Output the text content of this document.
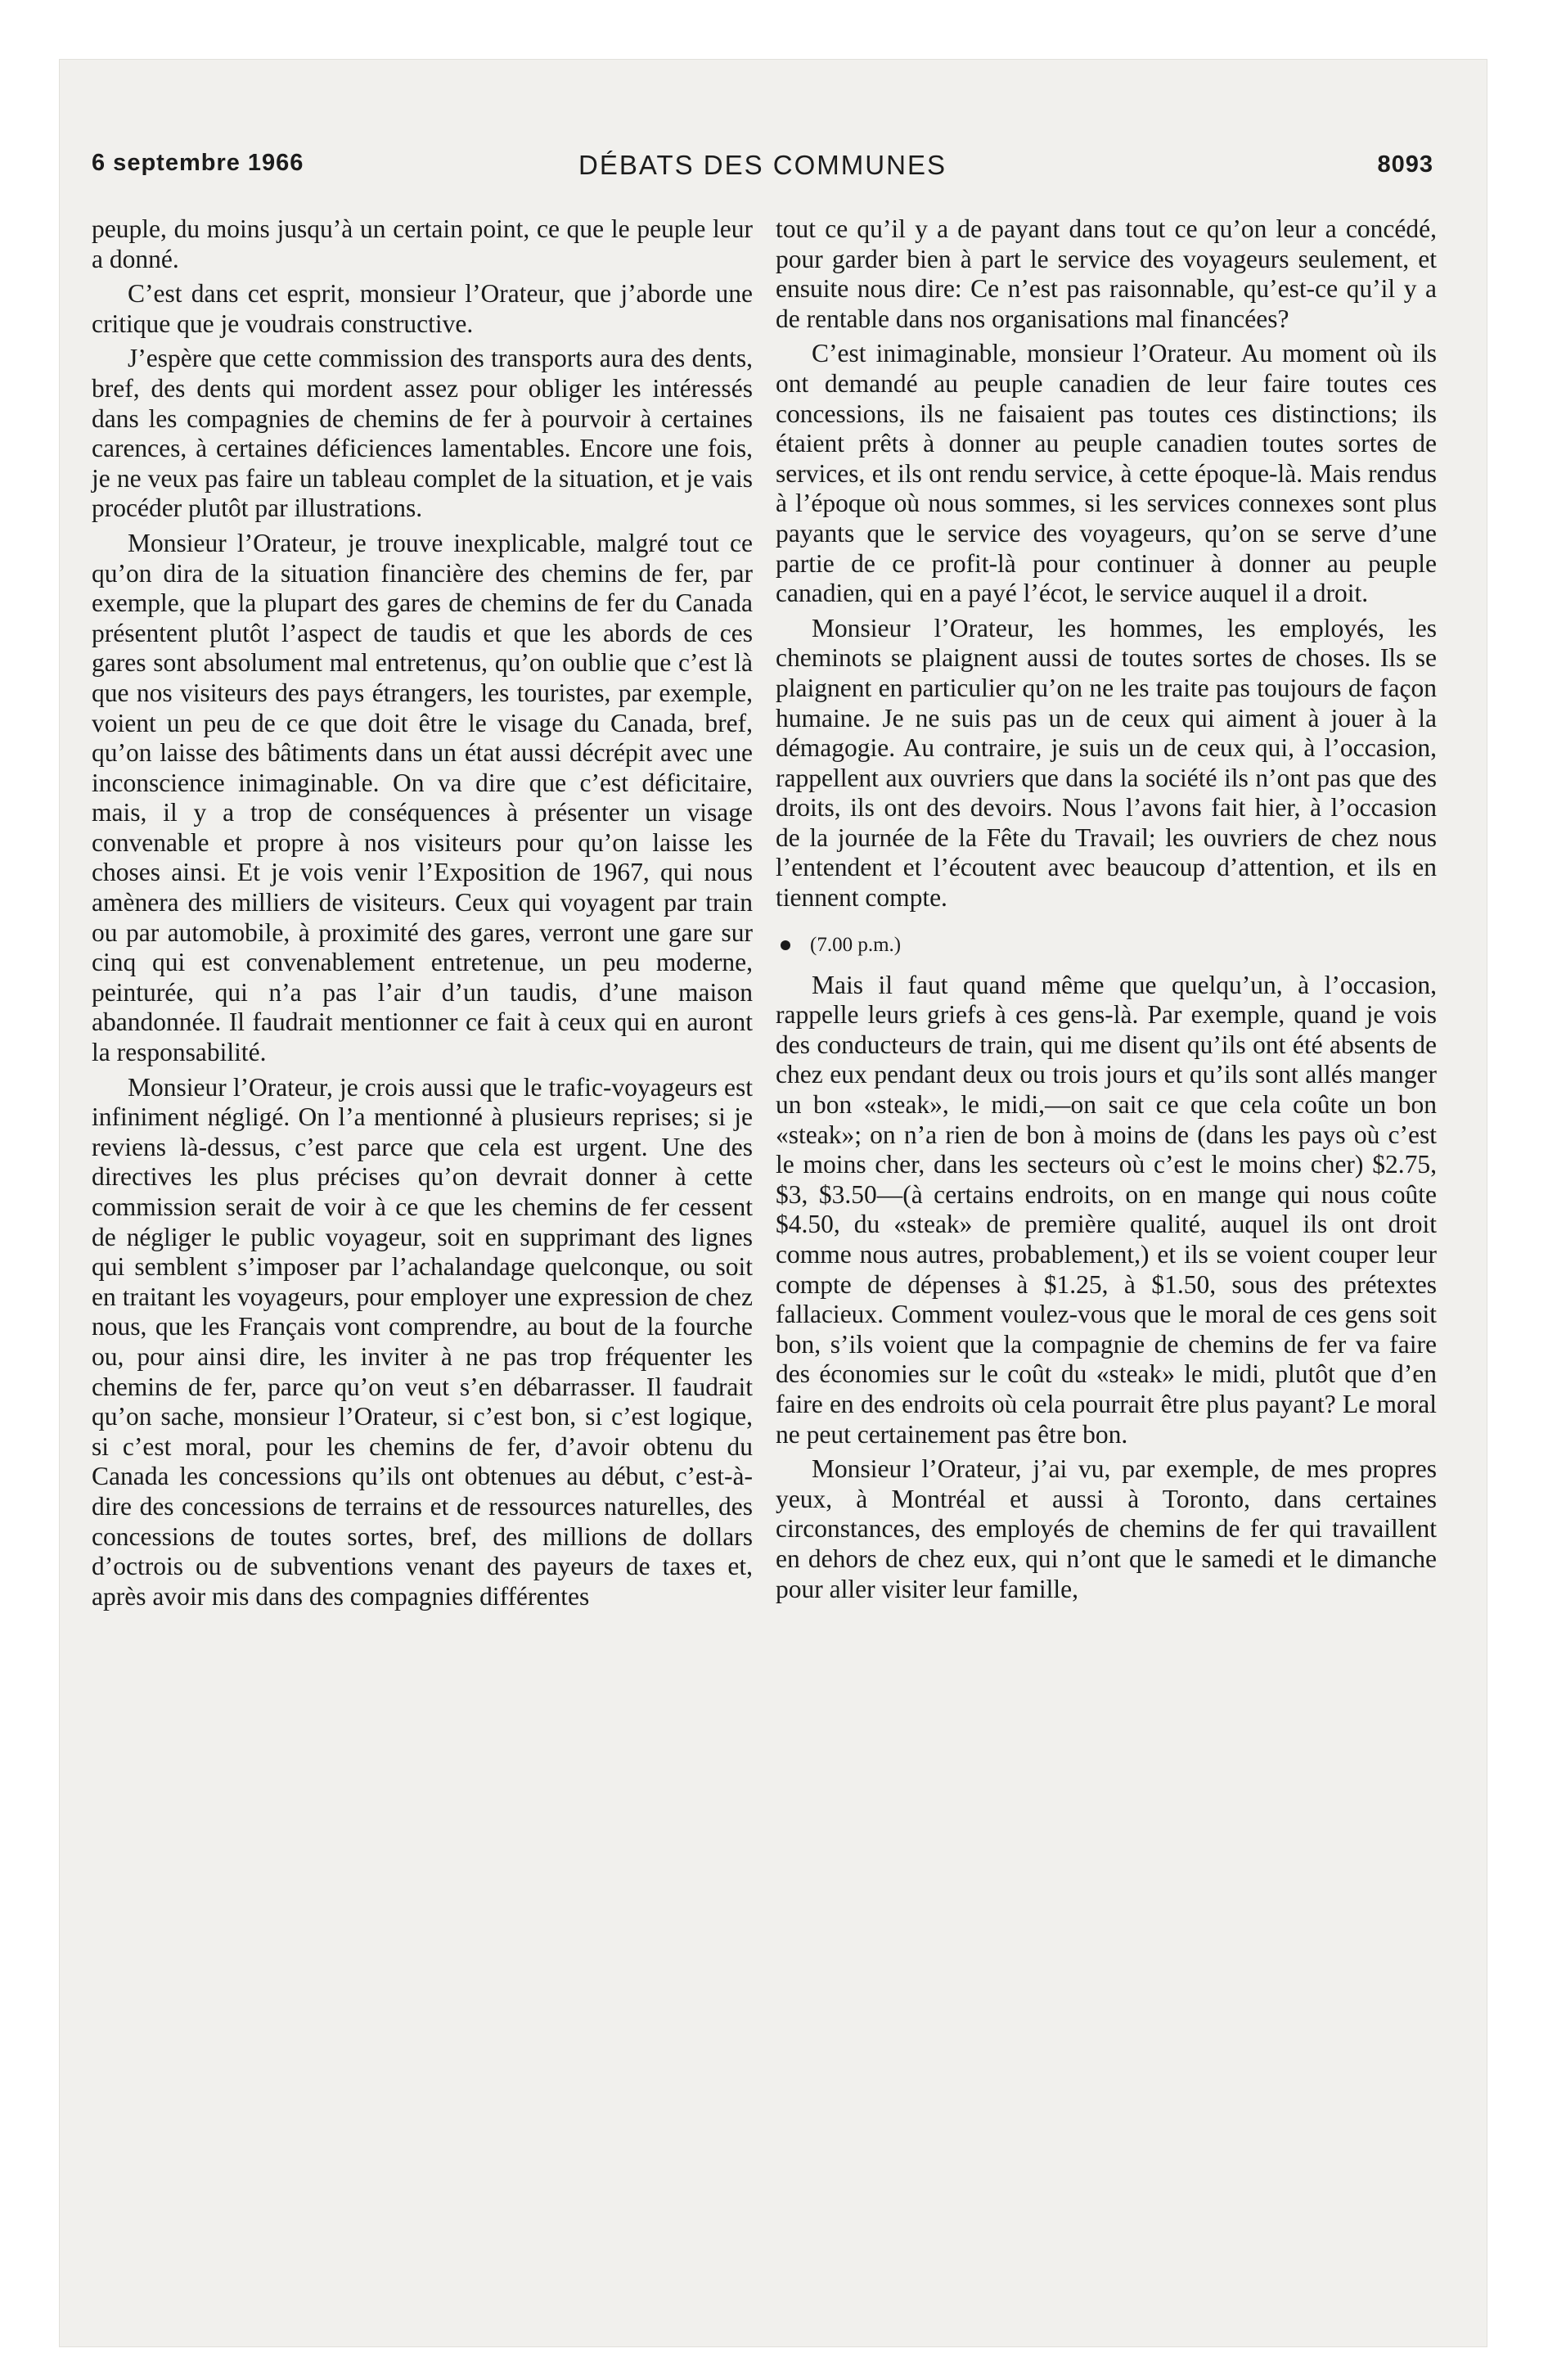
6 septembre 1966	DÉBATS DES COMMUNES	8093

peuple, du moins jusqu’à un certain point, ce que le peuple leur a donné.

C’est dans cet esprit, monsieur l’Orateur, que j’aborde une critique que je voudrais constructive.

J’espère que cette commission des transports aura des dents, bref, des dents qui mordent assez pour obliger les intéressés dans les compagnies de chemins de fer à pourvoir à certaines carences, à certaines déficiences lamentables. Encore une fois, je ne veux pas faire un tableau complet de la situation, et je vais procéder plutôt par illustrations.

Monsieur l’Orateur, je trouve inexplicable, malgré tout ce qu’on dira de la situation financière des chemins de fer, par exemple, que la plupart des gares de chemins de fer du Canada présentent plutôt l’aspect de taudis et que les abords de ces gares sont absolument mal entretenus, qu’on oublie que c’est là que nos visiteurs des pays étrangers, les touristes, par exemple, voient un peu de ce que doit être le visage du Canada, bref, qu’on laisse des bâtiments dans un état aussi décrépit avec une inconscience inimaginable. On va dire que c’est déficitaire, mais, il y a trop de conséquences à présenter un visage convenable et propre à nos visiteurs pour qu’on laisse les choses ainsi. Et je vois venir l’Exposition de 1967, qui nous amènera des milliers de visiteurs. Ceux qui voyagent par train ou par automobile, à proximité des gares, verront une gare sur cinq qui est convenablement entretenue, un peu moderne, peinturée, qui n’a pas l’air d’un taudis, d’une maison abandonnée. Il faudrait mentionner ce fait à ceux qui en auront la responsabilité.

Monsieur l’Orateur, je crois aussi que le trafic-voyageurs est infiniment négligé. On l’a mentionné à plusieurs reprises; si je reviens là-dessus, c’est parce que cela est urgent. Une des directives les plus précises qu’on devrait donner à cette commission serait de voir à ce que les chemins de fer cessent de négliger le public voyageur, soit en supprimant des lignes qui semblent s’imposer par l’achalandage quelconque, ou soit en traitant les voyageurs, pour employer une expression de chez nous, que les Français vont comprendre, au bout de la fourche ou, pour ainsi dire, les inviter à ne pas trop fréquenter les chemins de fer, parce qu’on veut s’en débarrasser. Il faudrait qu’on sache, monsieur l’Orateur, si c’est bon, si c’est logique, si c’est moral, pour les chemins de fer, d’avoir obtenu du Canada les concessions qu’ils ont obtenues au début, c’est-à-dire des concessions de terrains et de ressources naturelles, des concessions de toutes sortes, bref, des millions de dollars d’octrois ou de subventions venant des payeurs de taxes et, après avoir mis dans des compagnies différentes

tout ce qu’il y a de payant dans tout ce qu’on leur a concédé, pour garder bien à part le service des voyageurs seulement, et ensuite nous dire: Ce n’est pas raisonnable, qu’est-ce qu’il y a de rentable dans nos organisations mal financées?

C’est inimaginable, monsieur l’Orateur. Au moment où ils ont demandé au peuple canadien de leur faire toutes ces concessions, ils ne faisaient pas toutes ces distinctions; ils étaient prêts à donner au peuple canadien toutes sortes de services, et ils ont rendu service, à cette époque-là. Mais rendus à l’époque où nous sommes, si les services connexes sont plus payants que le service des voyageurs, qu’on se serve d’une partie de ce profit-là pour continuer à donner au peuple canadien, qui en a payé l’écot, le service auquel il a droit.

Monsieur l’Orateur, les hommes, les employés, les cheminots se plaignent aussi de toutes sortes de choses. Ils se plaignent en particulier qu’on ne les traite pas toujours de façon humaine. Je ne suis pas un de ceux qui aiment à jouer à la démagogie. Au contraire, je suis un de ceux qui, à l’occasion, rappellent aux ouvriers que dans la société ils n’ont pas que des droits, ils ont des devoirs. Nous l’avons fait hier, à l’occasion de la journée de la Fête du Travail; les ouvriers de chez nous l’entendent et l’écoutent avec beaucoup d’attention, et ils en tiennent compte.

(7.00 p.m.)

Mais il faut quand même que quelqu’un, à l’occasion, rappelle leurs griefs à ces gens-là. Par exemple, quand je vois des conducteurs de train, qui me disent qu’ils ont été absents de chez eux pendant deux ou trois jours et qu’ils sont allés manger un bon «steak», le midi,—on sait ce que cela coûte un bon «steak»; on n’a rien de bon à moins de (dans les pays où c’est le moins cher, dans les secteurs où c’est le moins cher) $2.75, $3, $3.50—(à certains endroits, on en mange qui nous coûte $4.50, du «steak» de première qualité, auquel ils ont droit comme nous autres, probablement,) et ils se voient couper leur compte de dépenses à $1.25, à $1.50, sous des prétextes fallacieux. Comment voulez-vous que le moral de ces gens soit bon, s’ils voient que la compagnie de chemins de fer va faire des économies sur le coût du «steak» le midi, plutôt que d’en faire en des endroits où cela pourrait être plus payant? Le moral ne peut certainement pas être bon.

Monsieur l’Orateur, j’ai vu, par exemple, de mes propres yeux, à Montréal et aussi à Toronto, dans certaines circonstances, des employés de chemins de fer qui travaillent en dehors de chez eux, qui n’ont que le samedi et le dimanche pour aller visiter leur famille,
